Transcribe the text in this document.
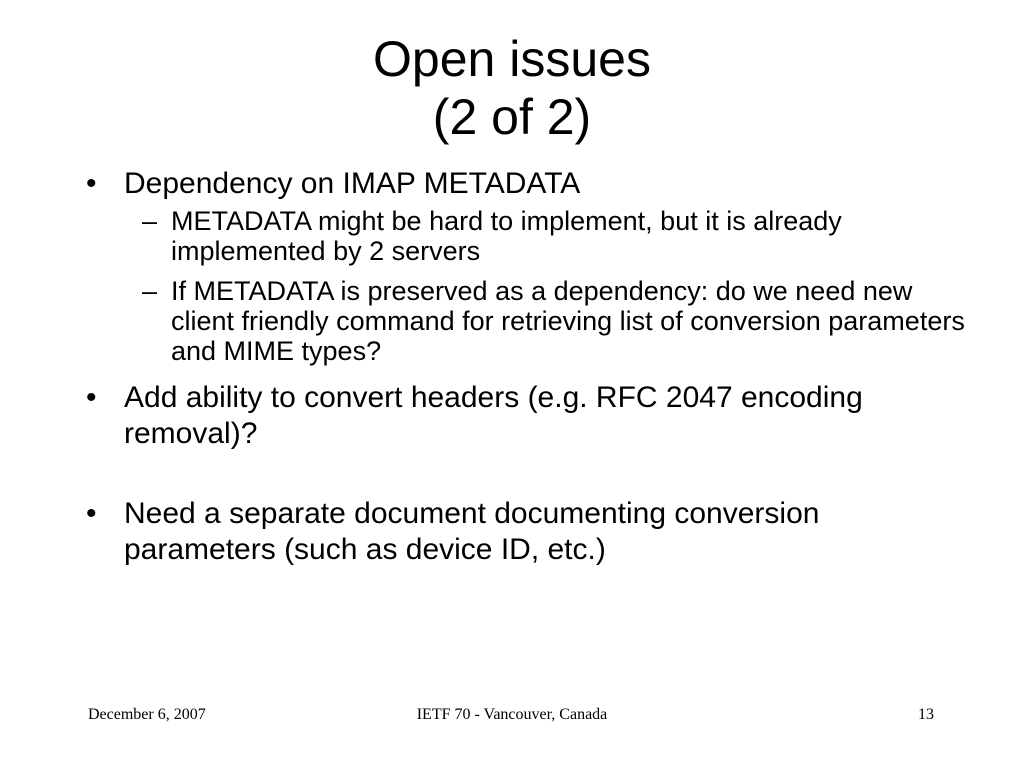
Open issues
(2 of 2)
• Dependency on IMAP METADATA
– METADATA might be hard to implement, but it is already implemented by 2 servers
– If METADATA is preserved as a dependency: do we need new client friendly command for retrieving list of conversion parameters and MIME types?
• Add ability to convert headers (e.g. RFC 2047 encoding removal)?
• Need a separate document documenting conversion parameters (such as device ID, etc.)
December 6, 2007	IETF 70 - Vancouver, Canada	13
